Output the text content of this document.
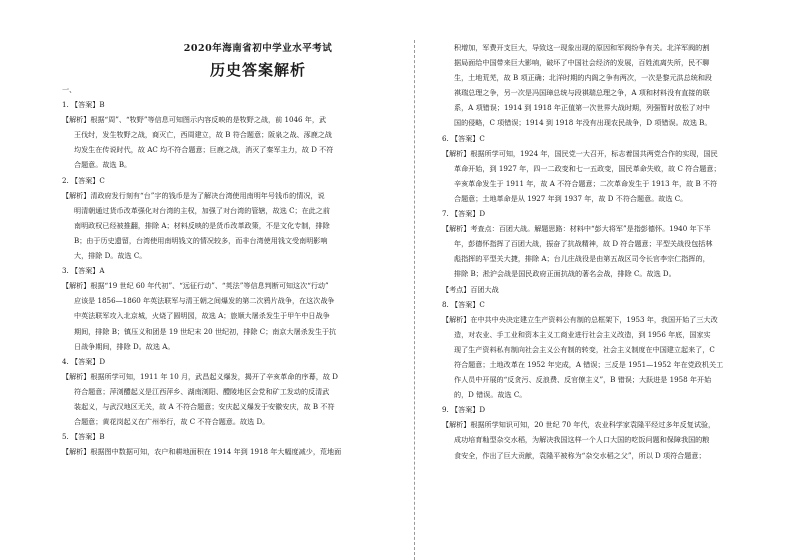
2020年海南省初中学业水平考试
历史答案解析
一、
1. 【答案】B
【解析】根据“周”、“牧野”等信息可知图示内容反映的是牧野之战，前 1046 年，武
王伐纣，发生牧野之战，商灭亡，西周建立，故 B 符合题意；阪泉之战、涿鹿之战
均发生在传说时代，故 AC 均不符合题意；巨鹿之战，消灭了秦军主力，故 D 不符
合题意。故选 B。
2. 【答案】C
【解析】清政府发行刻有“台”字的钱币是为了解决台湾使用南明年号钱币的情况，说
明清朝通过货币改革强化对台湾的主权，加强了对台湾的管辖，故选 C；在此之前
南明政权已经被推翻，排除 A；材料反映的是货币改革政策，不是文化专制，排除
B；由于历史遗留，台湾使用南明钱文的情况较多，而非台湾使用钱文受南明影响
大，排除 D。故选 C。
3. 【答案】A
【解析】根据“19 世纪 60 年代初”、“远征行动”、“英法”等信息判断可知这次“行动”
应该是 1856—1860 年英法联军与清王朝之间爆发的第二次鸦片战争，在这次战争
中英法联军攻入北京城，火烧了圆明园，故选 A；旅顺大屠杀发生于甲午中日战争
期间，排除 B；镇压义和团是 19 世纪末 20 世纪初，排除 C；南京大屠杀发生于抗
日战争期间，排除 D。故选 A。
4. 【答案】D
【解析】根据所学可知，1911 年 10 月，武昌起义爆发，揭开了辛亥革命的序幕，故 D
符合题意；萍浏醴起义是江西萍乡、湖南浏阳、醴陵地区会党和矿工发动的反清武
装起义，与武汉地区无关，故 A 不符合题意；安庆起义爆发于安徽安庆，故 B 不符
合题意；黄花岗起义在广州举行，故 C 不符合题意。故选 D。
5. 【答案】B
【解析】根据图中数据可知，农户和耕地面积在 1914 年到 1918 年大幅度减少，荒地面
积增加，军费开支巨大，导致这一现象出现的原因和军阀纷争有关。北洋军阀的割
据局面给中国带来巨大影响，破坏了中国社会经济的发展，百姓流离失所，民不聊
生，土地荒芜，故 B 项正确；北洋时期的内阁之争有两次，一次是黎元洪总统和段
祺瑞总理之争，另一次是冯国璋总统与段祺瑞总理之争，A 项和材料没有直接的联
系，A 项错误；1914 到 1918 年正值第一次世界大战时期，列强暂时放松了对中
国的侵略，C 项错误；1914 到 1918 年没有出现农民战争，D 项错误。故选 B。
6. 【答案】C
【解析】根据所学可知，1924 年，国民党一大召开，标志着国共两党合作的实现，国民
革命开始，到 1927 年，四一二政变和七一五政变，国民革命失败，故 C 符合题意；
辛亥革命发生于 1911 年，故 A 不符合题意；二次革命发生于 1913 年，故 B 不符
合题意；土地革命是从 1927 年到 1937 年，故 D 不符合题意。故选 C。
7. 【答案】D
【解析】考查点：百团大战。解题思路：材料中“彭大将军”是指彭德怀。1940 年下半
年，彭德怀指挥了百团大战，振奋了抗战精神，故 D 符合题意；平型关战役包括林
彪指挥的平型关大捷，排除 A；台儿庄战役是由第五战区司令长官李宗仁指挥的，
排除 B；淞沪会战是国民政府正面抗战的著名会战，排除 C。故选 D。
【考点】百团大战
8. 【答案】C
【解析】在中共中央决定建立生产资料公有制的总框架下，1953 年，我国开始了三大改
造，对农业、手工业和资本主义工商业进行社会主义改造，到 1956 年底，国家实
现了生产资料私有制向社会主义公有制的转变，社会主义制度在中国建立起来了，C
符合题意；土地改革在 1952 年完成，A 错误；三反是 1951—1952 年在党政机关工
作人员中开展的“反贪污、反浪费、反官僚主义”，B 错误；大跃进是 1958 年开始
的，D 错误。故选 C。
9. 【答案】D
【解析】根据所学知识可知，20 世纪 70 年代，农业科学家袁隆平经过多年反复试验，
成功培育籼型杂交水稻，为解决我国这样一个人口大国的吃饭问题和保障我国的粮
食安全，作出了巨大贡献，袁隆平被称为“杂交水稻之父”，所以 D 项符合题意；
